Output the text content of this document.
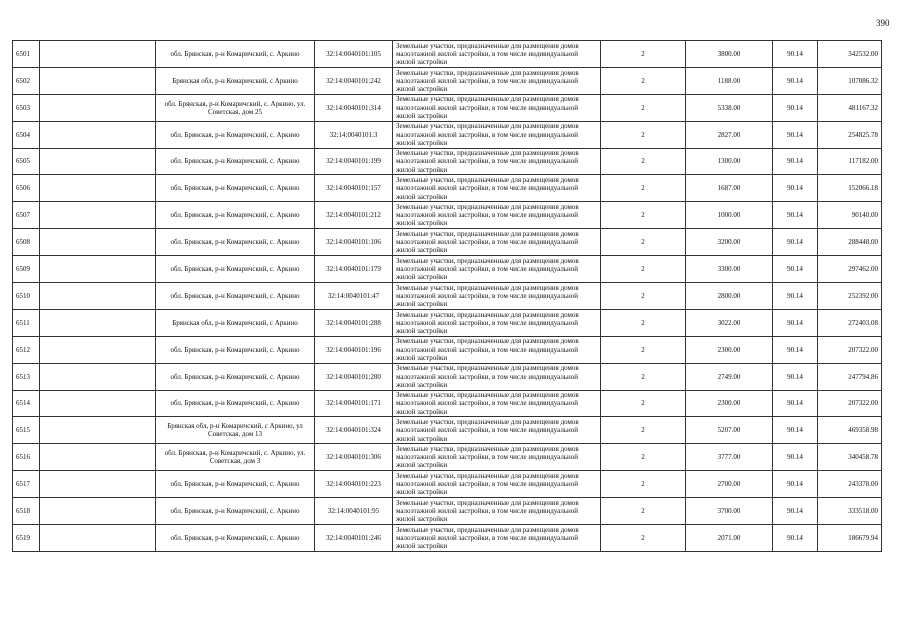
390
6501		обл. Брянская, р-н Комаричский, с. Аркино	32:14:0040101:105	Земельные участки, предназначенные для размещения домов малоэтажной жилой застройки, в том числе индивидуальной жилой застройки	2	3800.00	90.14	342532.00
6502		Брянская обл, р-н Комаричский, с Аркино	32:14:0040101:242	Земельные участки, предназначенные для размещения домов малоэтажной жилой застройки, в том числе индивидуальной жилой застройки	2	1188.00	90.14	107086.32
6503		обл. Брянская, р-н Комаричский, с. Аркино, ул. Советская, дом 25	32:14:0040101:314	Земельные участки, предназначенные для размещения домов малоэтажной жилой застройки, в том числе индивидуальной жилой застройки	2	5338.00	90.14	481167.32
6504		обл. Брянская, р-н Комаричский, с. Аркино	32:14:0040101:3	Земельные участки, предназначенные для размещения домов малоэтажной жилой застройки, в том числе индивидуальной жилой застройки	2	2827.00	90.14	254825.78
6505		обл. Брянская, р-н Комаричский, с. Аркино	32:14:0040101:199	Земельные участки, предназначенные для размещения домов малоэтажной жилой застройки, в том числе индивидуальной жилой застройки	2	1300.00	90.14	117182.00
6506		обл. Брянская, р-н Комаричский, с. Аркино	32:14:0040101:157	Земельные участки, предназначенные для размещения домов малоэтажной жилой застройки, в том числе индивидуальной жилой застройки	2	1687.00	90.14	152066.18
6507		обл. Брянская, р-н Комаричский, с. Аркино	32:14:0040101:212	Земельные участки, предназначенные для размещения домов малоэтажной жилой застройки, в том числе индивидуальной жилой застройки	2	1000.00	90.14	90140.00
6508		обл. Брянская, р-н Комаричский, с. Аркино	32:14:0040101:106	Земельные участки, предназначенные для размещения домов малоэтажной жилой застройки, в том числе индивидуальной жилой застройки	2	3200.00	90.14	288448.00
6509		обл. Брянская, р-н Комаричский, с. Аркино	32:14:0040101:179	Земельные участки, предназначенные для размещения домов малоэтажной жилой застройки, в том числе индивидуальной жилой застройки	2	3300.00	90.14	297462.00
6510		обл. Брянская, р-н Комаричский, с. Аркино	32:14:0040101:47	Земельные участки, предназначенные для размещения домов малоэтажной жилой застройки, в том числе индивидуальной жилой застройки	2	2800.00	90.14	252392.00
6511		Брянская обл, р-н Комаричский, с Аркино	32:14:0040101:288	Земельные участки, предназначенные для размещения домов малоэтажной жилой застройки, в том числе индивидуальной жилой застройки	2	3022.00	90.14	272403.08
6512		обл. Брянская, р-н Комаричский, с. Аркино	32:14:0040101:196	Земельные участки, предназначенные для размещения домов малоэтажной жилой застройки, в том числе индивидуальной жилой застройки	2	2300.00	90.14	207322.00
6513		обл. Брянская, р-н Комаричский, с. Аркино	32:14:0040101:280	Земельные участки, предназначенные для размещения домов малоэтажной жилой застройки, в том числе индивидуальной жилой застройки	2	2749.00	90.14	247794.86
6514		обл. Брянская, р-н Комаричский, с. Аркино	32:14:0040101:171	Земельные участки, предназначенные для размещения домов малоэтажной жилой застройки, в том числе индивидуальной жилой застройки	2	2300.00	90.14	207322.00
6515		Брянская обл, р-н Комаричский, с Аркино, ул Советская, дом 13	32:14:0040101:324	Земельные участки, предназначенные для размещения домов малоэтажной жилой застройки, в том числе индивидуальной жилой застройки	2	5207.00	90.14	469358.98
6516		обл. Брянская, р-н Комаричский, с. Аркино, ул. Советская, дом 3	32:14:0040101:306	Земельные участки, предназначенные для размещения домов малоэтажной жилой застройки, в том числе индивидуальной жилой застройки	2	3777.00	90.14	340458.78
6517		обл. Брянская, р-н Комаричский, с. Аркино	32:14:0040101:223	Земельные участки, предназначенные для размещения домов малоэтажной жилой застройки, в том числе индивидуальной жилой застройки	2	2700.00	90.14	243378.00
6518		обл. Брянская, р-н Комаричский, с. Аркино	32:14:0040101:95	Земельные участки, предназначенные для размещения домов малоэтажной жилой застройки, в том числе индивидуальной жилой застройки	2	3700.00	90.14	333518.00
6519		обл. Брянская, р-н Комаричский, с. Аркино	32:14:0040101:246	Земельные участки, предназначенные для размещения домов малоэтажной жилой застройки, в том числе индивидуальной жилой застройки	2	2071.00	90.14	186679.94
